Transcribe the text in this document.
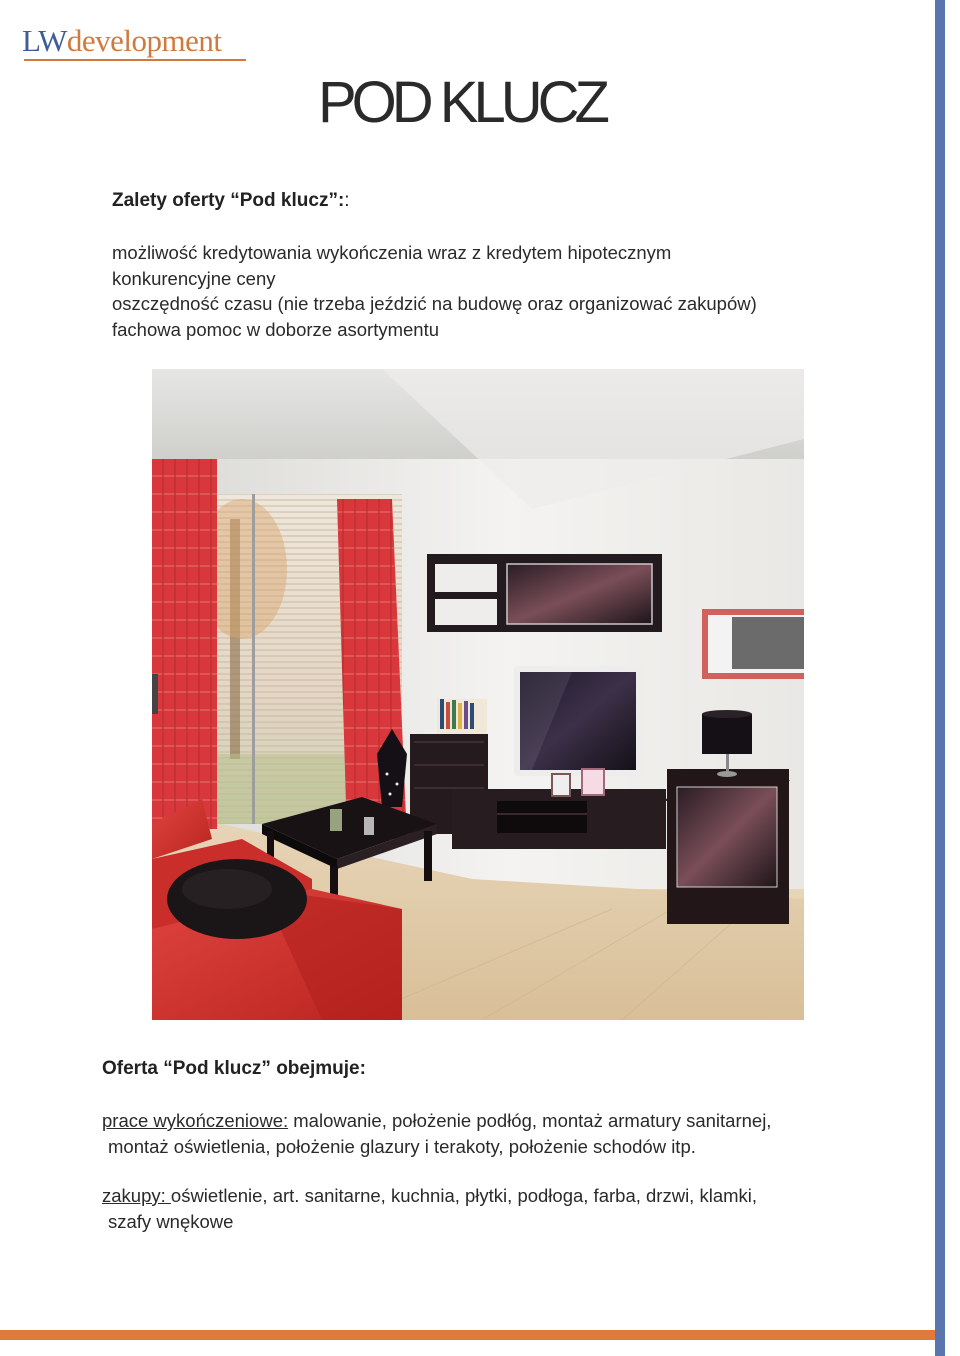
LWdevelopment
POD KLUCZ
Zalety oferty “Pod klucz”::
możliwość kredytowania wykończenia wraz z kredytem hipotecznym
konkurencyjne ceny
oszczędność czasu (nie trzeba jeździć na budowę oraz organizować zakupów)
fachowa pomoc w doborze asortymentu
Oferta “Pod klucz” obejmuje:
prace wykończeniowe: malowanie, położenie podłóg, montaż armatury sanitarnej,
montaż oświetlenia, położenie glazury i terakoty, położenie schodów itp.
zakupy: oświetlenie, art. sanitarne, kuchnia, płytki, podłoga, farba, drzwi, klamki,
szafy wnękowe
